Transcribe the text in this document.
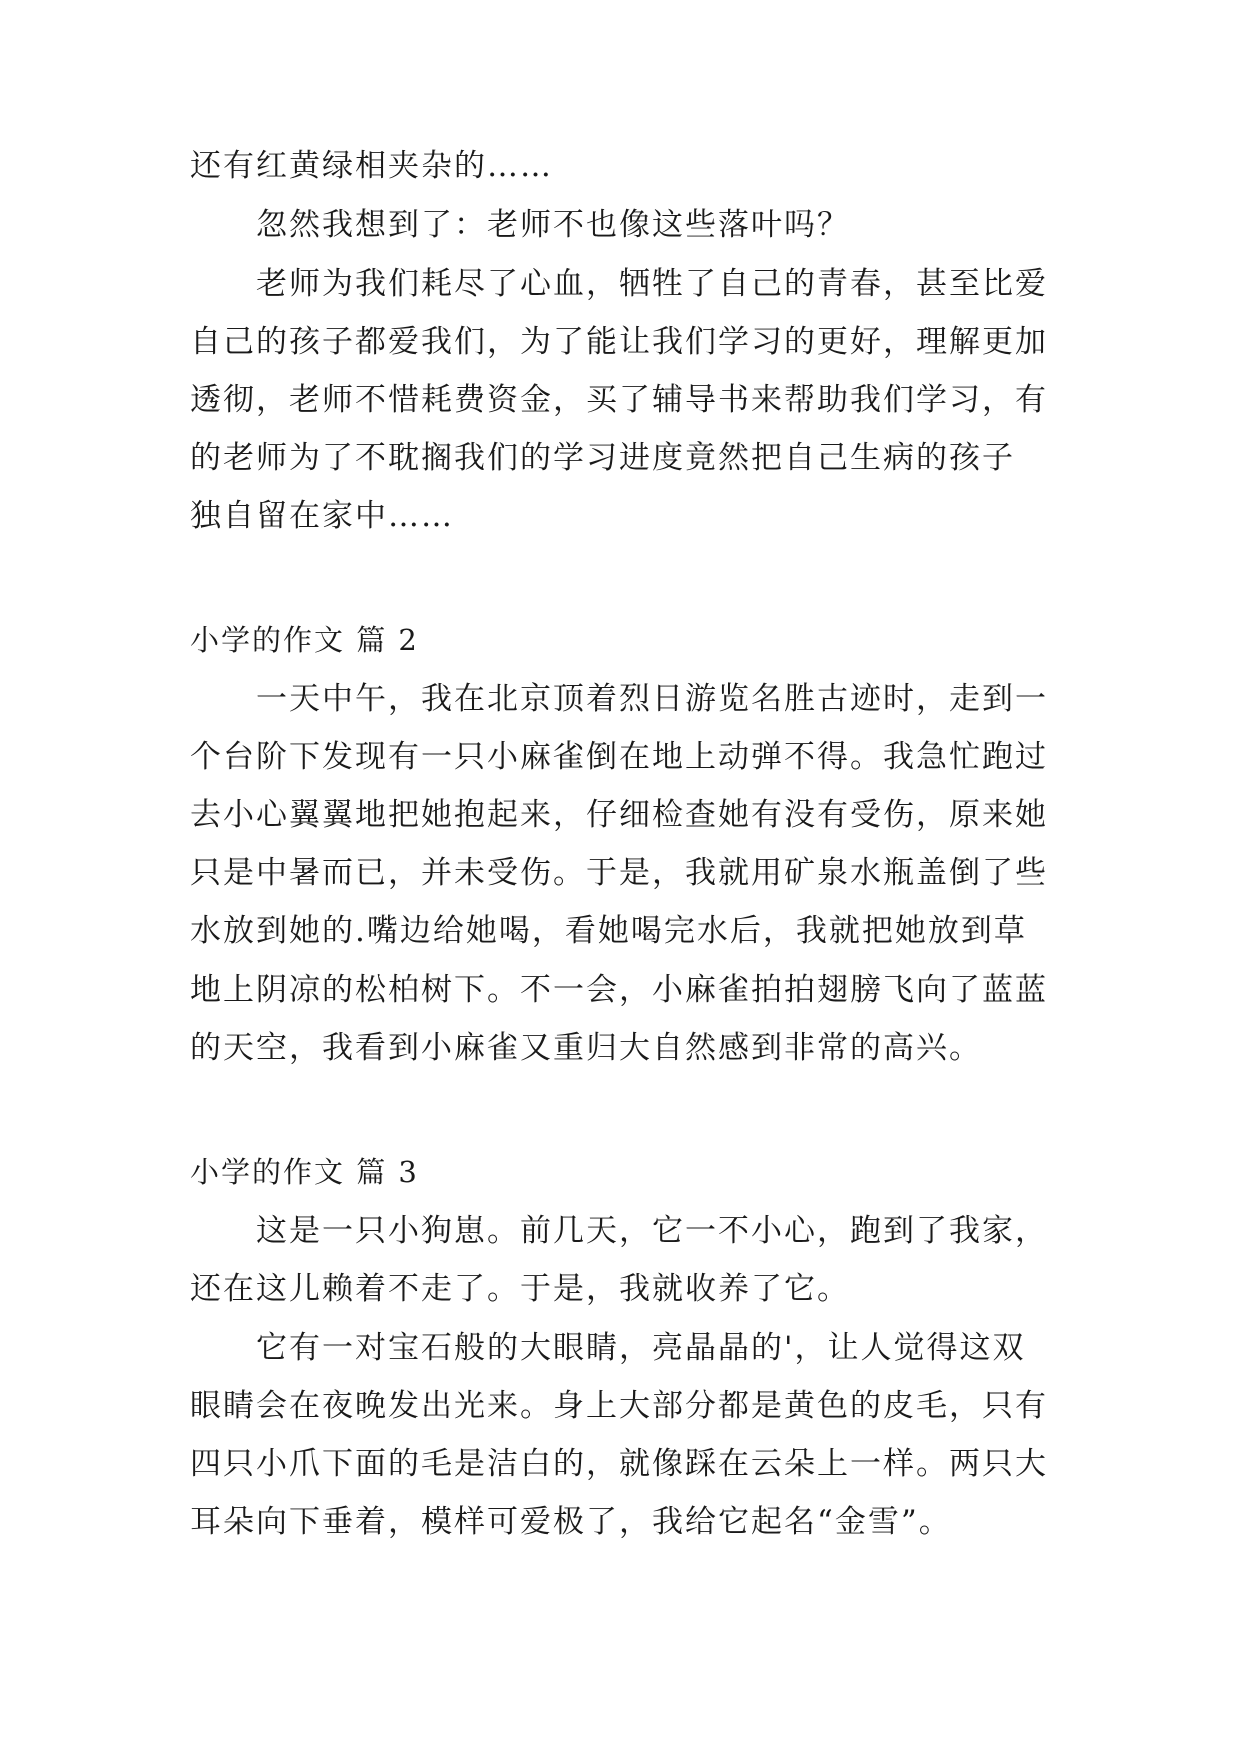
还有红黄绿相夹杂的……
忽然我想到了：老师不也像这些落叶吗？
老师为我们耗尽了心血，牺牲了自己的青春，甚至比爱
自己的孩子都爱我们，为了能让我们学习的更好，理解更加
透彻，老师不惜耗费资金，买了辅导书来帮助我们学习，有
的老师为了不耽搁我们的学习进度竟然把自己生病的孩子
独自留在家中……
小学的作文 篇 2
一天中午，我在北京顶着烈日游览名胜古迹时，走到一
个台阶下发现有一只小麻雀倒在地上动弹不得。我急忙跑过
去小心翼翼地把她抱起来，仔细检查她有没有受伤，原来她
只是中暑而已，并未受伤。于是，我就用矿泉水瓶盖倒了些
水放到她的.嘴边给她喝，看她喝完水后，我就把她放到草
地上阴凉的松柏树下。不一会，小麻雀拍拍翅膀飞向了蓝蓝
的天空，我看到小麻雀又重归大自然感到非常的高兴。
小学的作文 篇 3
这是一只小狗崽。前几天，它一不小心，跑到了我家，
还在这儿赖着不走了。于是，我就收养了它。
它有一对宝石般的大眼睛，亮晶晶的'，让人觉得这双
眼睛会在夜晚发出光来。身上大部分都是黄色的皮毛，只有
四只小爪下面的毛是洁白的，就像踩在云朵上一样。两只大
耳朵向下垂着，模样可爱极了，我给它起名“金雪”。
